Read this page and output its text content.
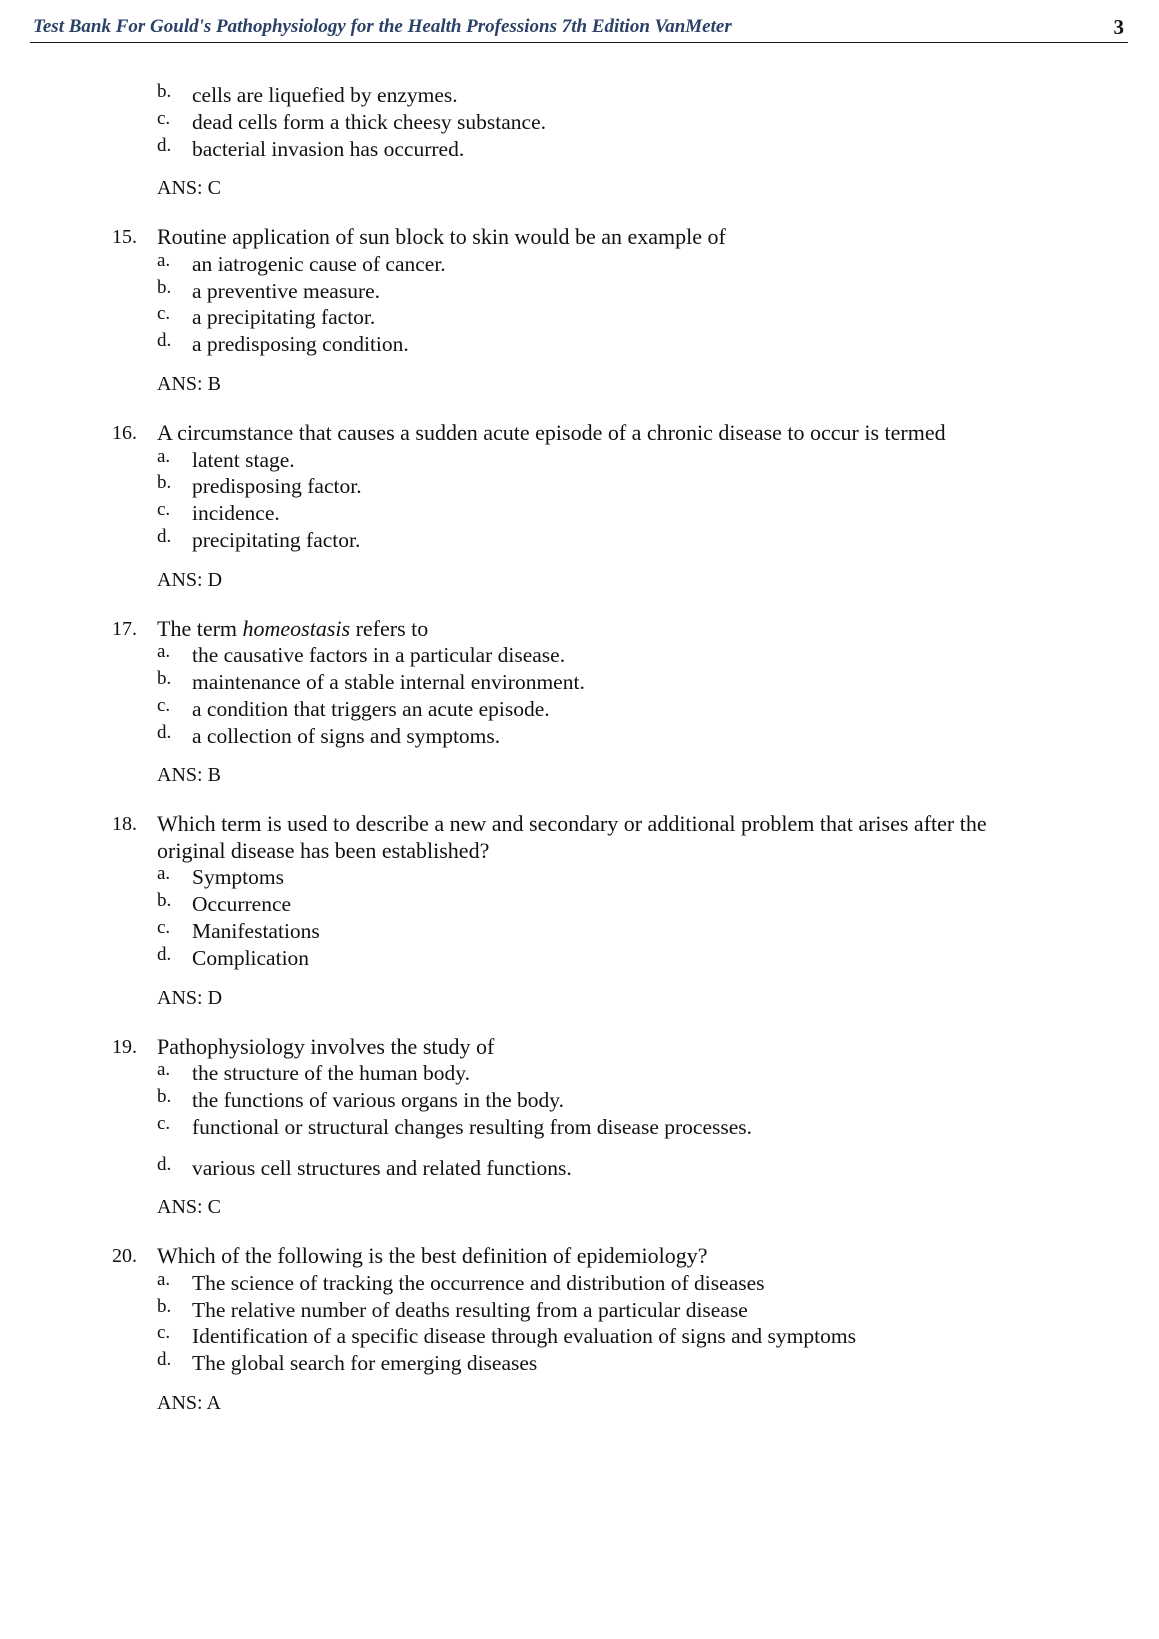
Test Bank For Gould's Pathophysiology for the Health Professions 7th Edition VanMeter	3
b. cells are liquefied by enzymes.
c. dead cells form a thick cheesy substance.
d. bacterial invasion has occurred.
ANS: C
15. Routine application of sun block to skin would be an example of
a. an iatrogenic cause of cancer.
b. a preventive measure.
c. a precipitating factor.
d. a predisposing condition.
ANS: B
16. A circumstance that causes a sudden acute episode of a chronic disease to occur is termed
a. latent stage.
b. predisposing factor.
c. incidence.
d. precipitating factor.
ANS: D
17. The term homeostasis refers to
a. the causative factors in a particular disease.
b. maintenance of a stable internal environment.
c. a condition that triggers an acute episode.
d. a collection of signs and symptoms.
ANS: B
18. Which term is used to describe a new and secondary or additional problem that arises after the original disease has been established?
a. Symptoms
b. Occurrence
c. Manifestations
d. Complication
ANS: D
19. Pathophysiology involves the study of
a. the structure of the human body.
b. the functions of various organs in the body.
c. functional or structural changes resulting from disease processes.
d. various cell structures and related functions.
ANS: C
20. Which of the following is the best definition of epidemiology?
a. The science of tracking the occurrence and distribution of diseases
b. The relative number of deaths resulting from a particular disease
c. Identification of a specific disease through evaluation of signs and symptoms
d. The global search for emerging diseases
ANS: A
